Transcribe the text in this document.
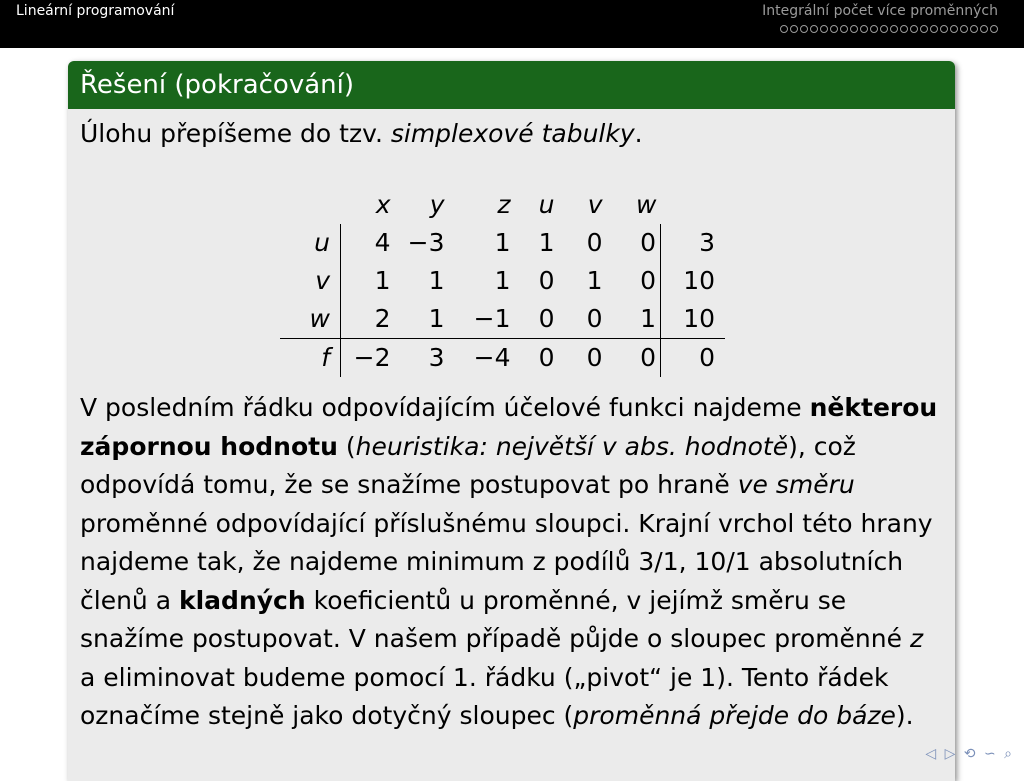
Lineární programování	Integrální počet více proměnných
Řešení (pokračování)
Úlohu přepíšeme do tzv. simplexové tabulky.
	x	y	z	u	v	w	
u	4	−3	1	1	0	0	3
v	1	1	1	0	1	0	10
w	2	1	−1	0	0	1	10
f	−2	3	−4	0	0	0	0
V posledním řádku odpovídajícím účelové funkci najdeme některou zápornou hodnotu (heuristika: největší v abs. hodnotě), což odpovídá tomu, že se snažíme postupovat po hraně ve směru proměnné odpovídající příslušnému sloupci. Krajní vrchol této hrany najdeme tak, že najdeme minimum z podílů 3/1, 10/1 absolutních členů a kladných koeficientů u proměnné, v jejímž směru se snažíme postupovat. V našem případě půjde o sloupec proměnné z a eliminovat budeme pomocí 1. řádku („pivot“ je 1). Tento řádek označíme stejně jako dotyčný sloupec (proměnná přejde do báze).
◁ ▷ ⟲ ∽ ⌕
